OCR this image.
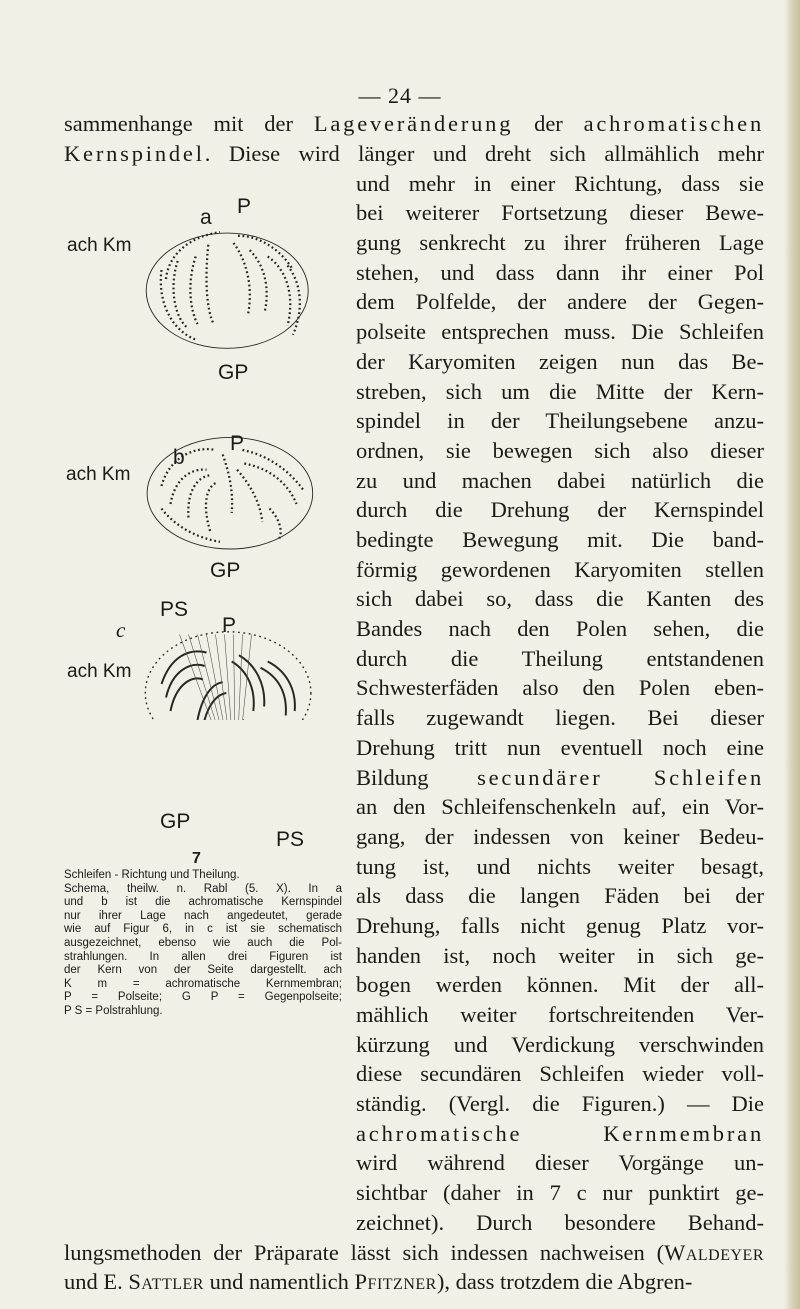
— 24 —
sammenhange mit der Lageveränderung der achromatischen
Kernspindel. Diese wird länger und dreht sich allmählich mehr
und mehr in einer Richtung, dass sie
bei weiterer Fortsetzung dieser Bewe-
gung senkrecht zu ihrer früheren Lage
stehen, und dass dann ihr einer Pol
dem Polfelde, der andere der Gegen-
polseite entsprechen muss. Die Schleifen
der Karyomiten zeigen nun das Be-
streben, sich um die Mitte der Kern-
spindel in der Theilungsebene anzu-
ordnen, sie bewegen sich also dieser
zu und machen dabei natürlich die
durch die Drehung der Kernspindel
bedingte Bewegung mit. Die band-
förmig gewordenen Karyomiten stellen
sich dabei so, dass die Kanten des
Bandes nach den Polen sehen, die
durch die Theilung entstandenen
Schwesterfäden also den Polen eben-
falls zugewandt liegen. Bei dieser
Drehung tritt nun eventuell noch eine
Bildung secundärer Schleifen
an den Schleifenschenkeln auf, ein Vor-
gang, der indessen von keiner Bedeu-
tung ist, und nichts weiter besagt,
als dass die langen Fäden bei der
Drehung, falls nicht genug Platz vor-
handen ist, noch weiter in sich ge-
bogen werden können. Mit der all-
mählich weiter fortschreitenden Ver-
kürzung und Verdickung verschwinden
diese secundären Schleifen wieder voll-
ständig. (Vergl. die Figuren.) — Die
achromatische Kernmembran
wird während dieser Vorgänge un-
sichtbar (daher in 7 c nur punktirt ge-
zeichnet). Durch besondere Behand-
lungsmethoden der Präparate lässt sich indessen nachweisen (Waldeyer
a P
ach Km
GP
b
P
ach Km
GP
PS
c	P
ach Km
GP
PS
7
Schleifen - Richtung und Theilung.
Schema, theilw. n. Rabl (5. X). In a
und b ist die achromatische Kernspindel
nur ihrer Lage nach angedeutet, gerade
wie auf Figur 6, in c ist sie schematisch
ausgezeichnet, ebenso wie auch die Pol-
strahlungen. In allen drei Figuren ist
der Kern von der Seite dargestellt. ach
K m = achromatische Kernmembran;
P = Polseite; G P = Gegenpolseite;
P S = Polstrahlung.
und E. Sattler und namentlich Pfitzner), dass trotzdem die Abgren-
